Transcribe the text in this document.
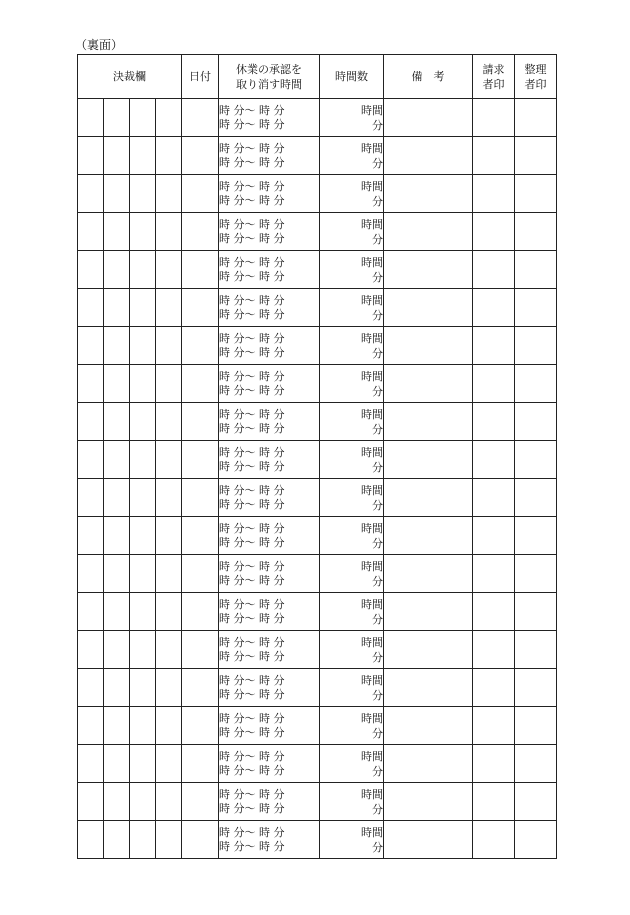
（裏面）
決裁欄				日付	休業の承認を
取り消す時間	時間数	備　考	請求
者印	整理
者印

					時 分～ 時 分
時 分～ 時 分	時間
分			

					時 分～ 時 分
時 分～ 時 分	時間
分			

					時 分～ 時 分
時 分～ 時 分	時間
分			

					時 分～ 時 分
時 分～ 時 分	時間
分			

					時 分～ 時 分
時 分～ 時 分	時間
分			

					時 分～ 時 分
時 分～ 時 分	時間
分			

					時 分～ 時 分
時 分～ 時 分	時間
分			

					時 分～ 時 分
時 分～ 時 分	時間
分			

					時 分～ 時 分
時 分～ 時 分	時間
分			

					時 分～ 時 分
時 分～ 時 分	時間
分			

					時 分～ 時 分
時 分～ 時 分	時間
分			

					時 分～ 時 分
時 分～ 時 分	時間
分			

					時 分～ 時 分
時 分～ 時 分	時間
分			

					時 分～ 時 分
時 分～ 時 分	時間
分			

					時 分～ 時 分
時 分～ 時 分	時間
分			

					時 分～ 時 分
時 分～ 時 分	時間
分			

					時 分～ 時 分
時 分～ 時 分	時間
分			

					時 分～ 時 分
時 分～ 時 分	時間
分			

					時 分～ 時 分
時 分～ 時 分	時間
分			

					時 分～ 時 分
時 分～ 時 分	時間
分			
